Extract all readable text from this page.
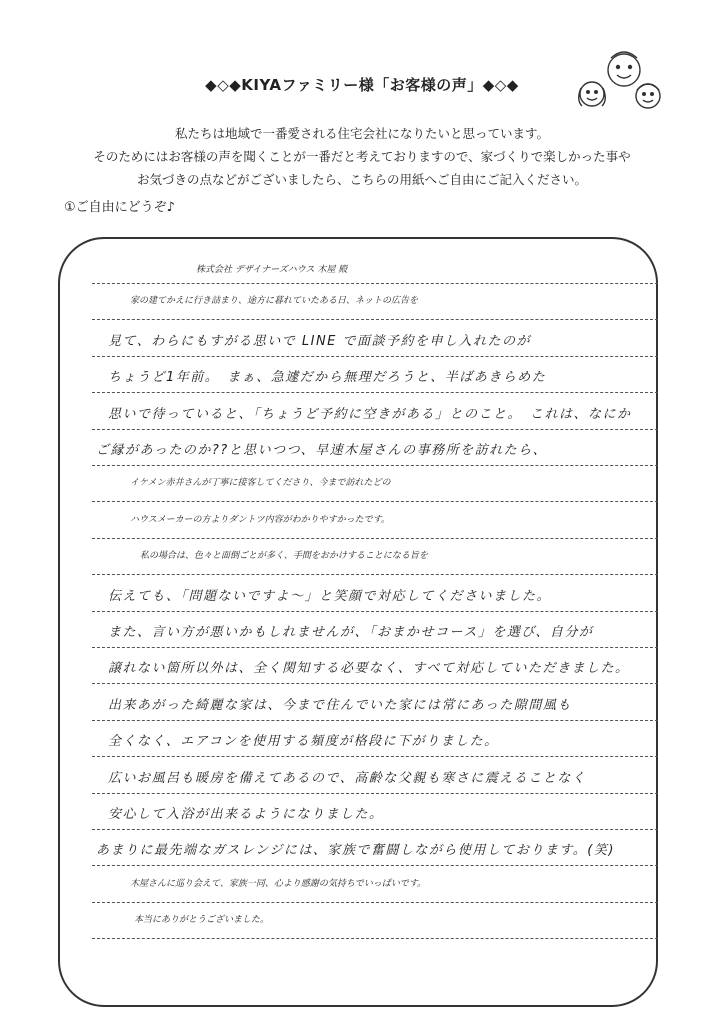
◆◇◆KIYAファミリー様「お客様の声」◆◇◆
私たちは地域で一番愛される住宅会社になりたいと思っています。
そのためにはお客様の声を聞くことが一番だと考えておりますので、家づくりで楽しかった事や
お気づきの点などがございましたら、こちらの用紙へご自由にご記入ください。
①ご自由にどうぞ♪
株式会社 デザイナーズハウス 木屋 殿
家の建てかえに行き詰まり、途方に暮れていたある日、ネットの広告を
見て、わらにもすがる思いで LINE で面談予約を申し入れたのが
ちょうど1年前。　まぁ、急遽だから無理だろうと、半ばあきらめた
思いで待っていると、「ちょうど予約に空きがある」とのこと。　これは、なにか
ご縁があったのか??と思いつつ、早速木屋さんの事務所を訪れたら、
イケメン赤井さんが丁寧に接客してくださり、今まで訪れたどの
ハウスメーカーの方よりダントツ内容がわかりやすかったです。
私の場合は、色々と面倒ごとが多く、手間をおかけすることになる旨を
伝えても、「問題ないですよ〜」と笑顔で対応してくださいました。
また、言い方が悪いかもしれませんが、「おまかせコース」を選び、自分が
譲れない箇所以外は、全く関知する必要なく、すべて対応していただきました。
出来あがった綺麗な家は、今まで住んでいた家には常にあった隙間風も
全くなく、エアコンを使用する頻度が格段に下がりました。
広いお風呂も暖房を備えてあるので、高齢な父親も寒さに震えることなく
安心して入浴が出来るようになりました。
あまりに最先端なガスレンジには、家族で奮闘しながら使用しております。(笑)
木屋さんに巡り会えて、家族一同、心より感謝の気持ちでいっぱいです。
本当にありがとうございました。
